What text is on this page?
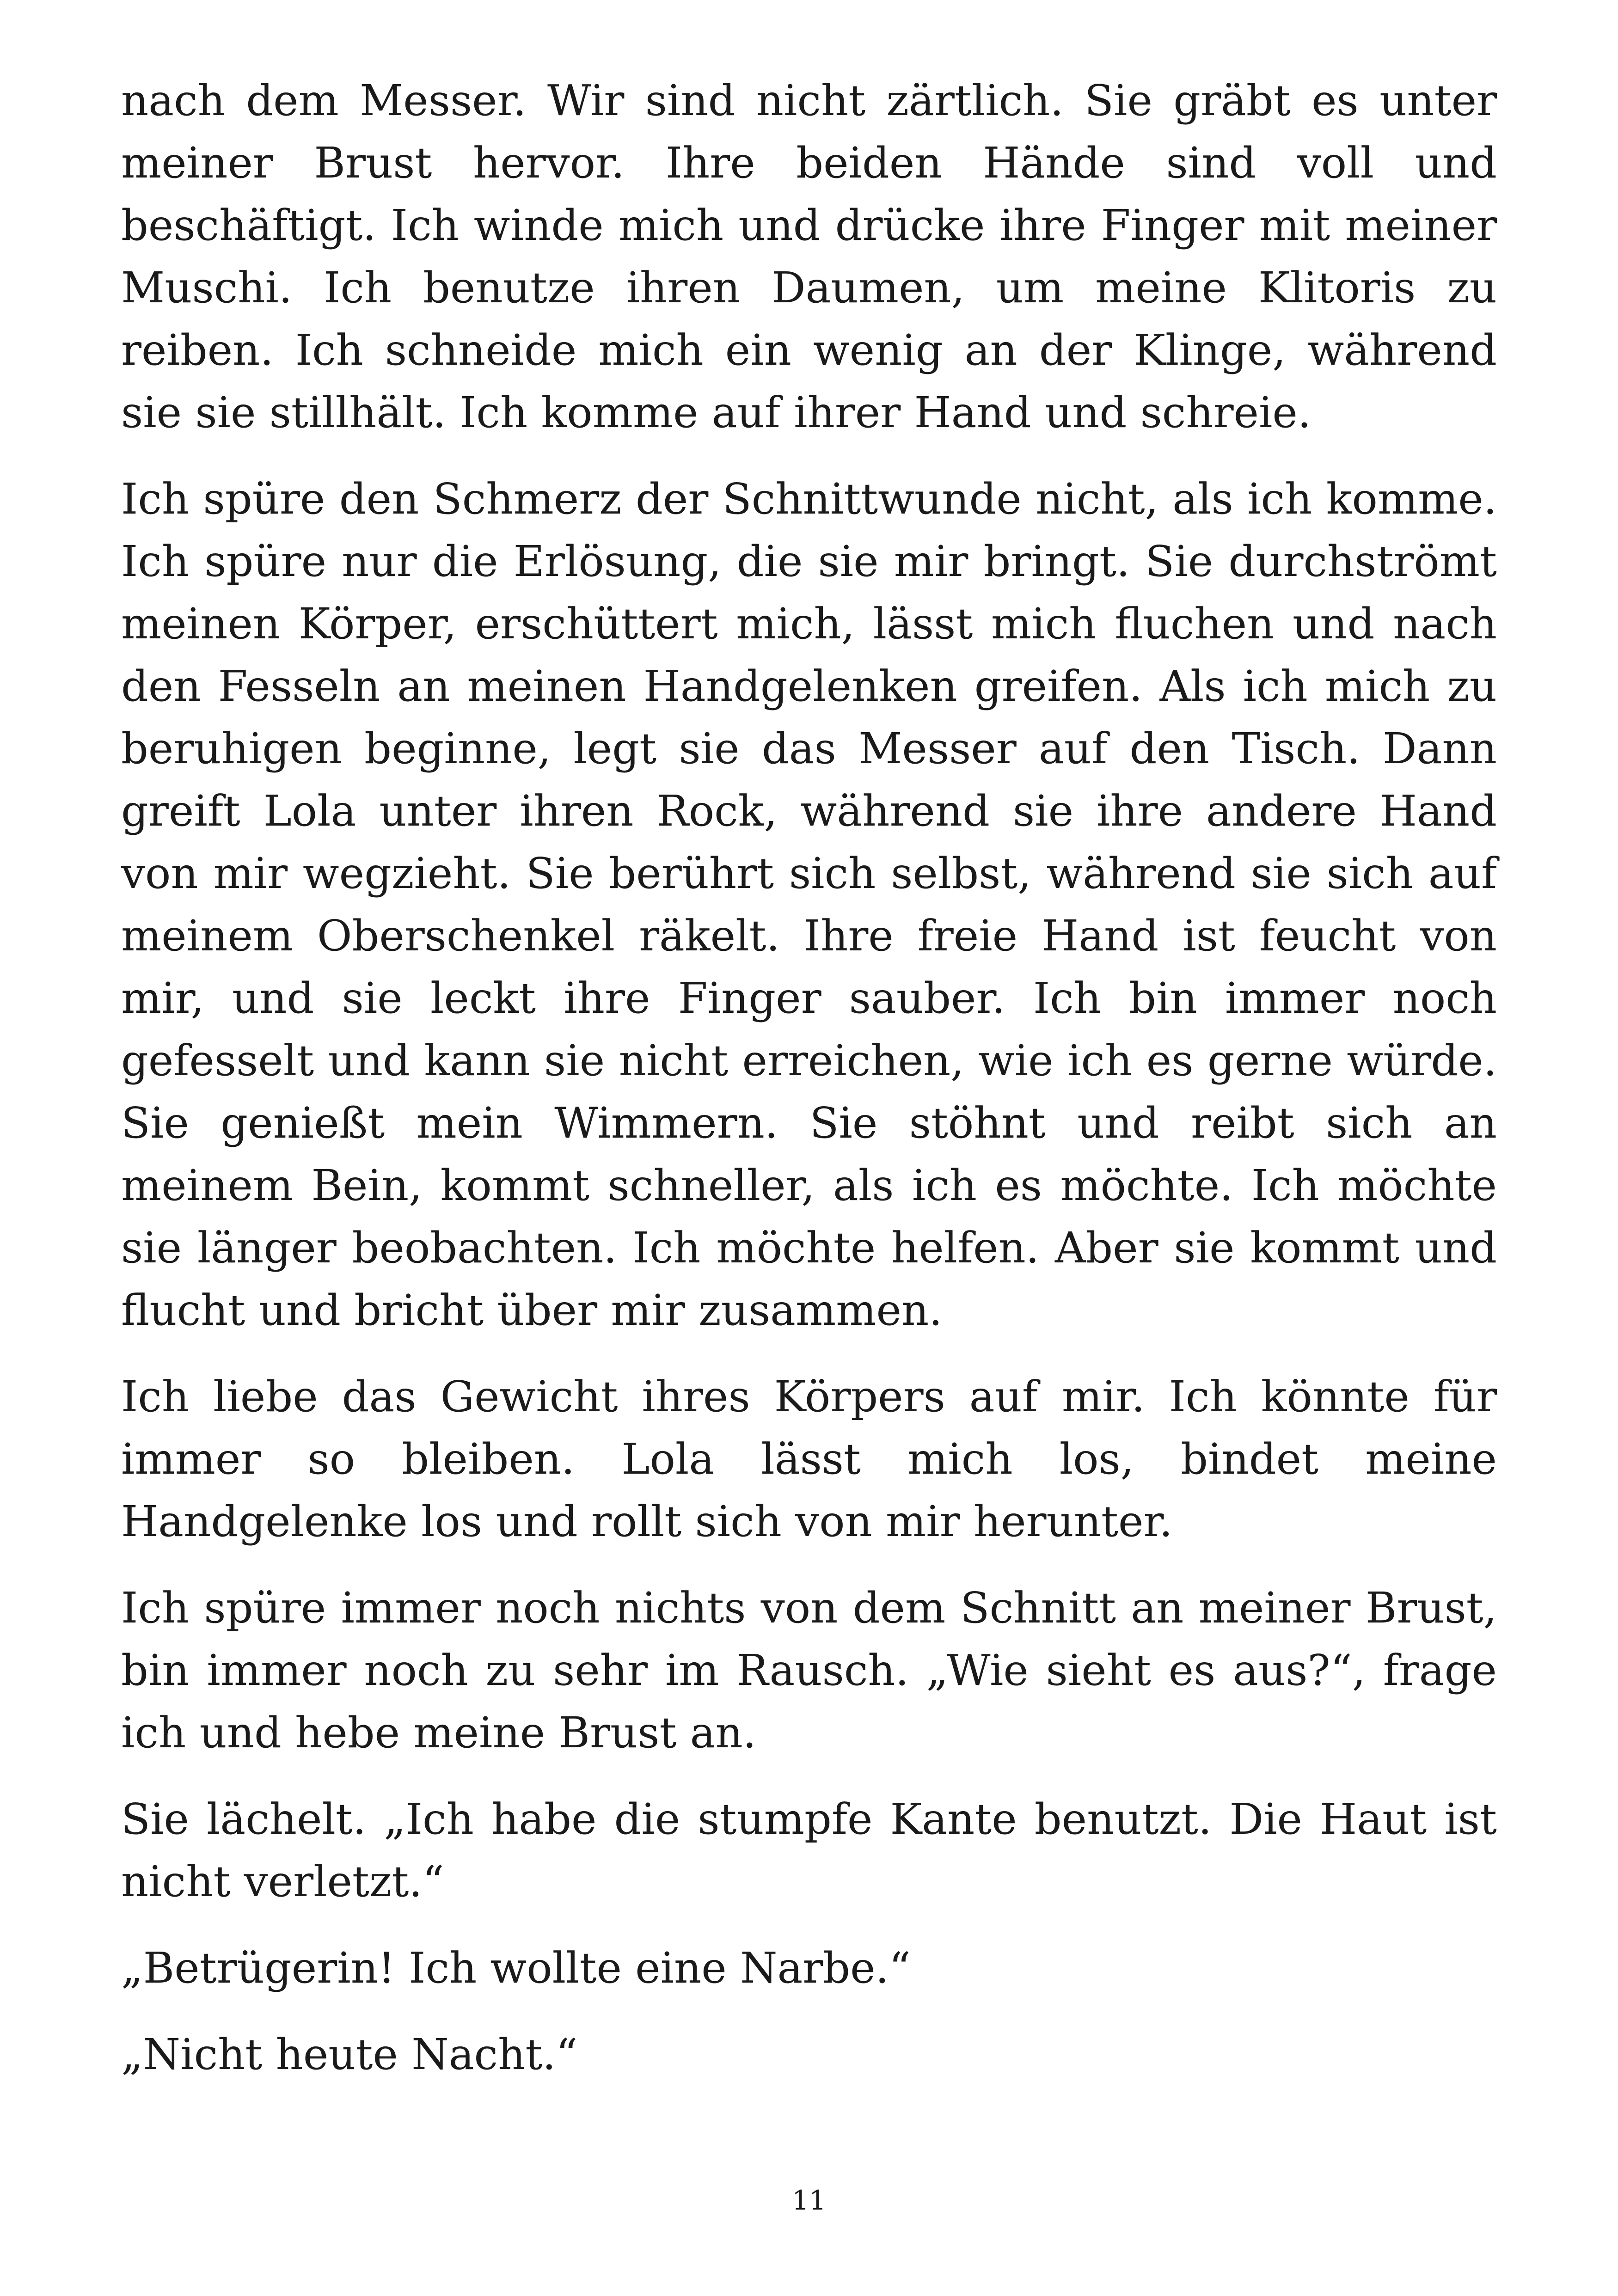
nach dem Messer. Wir sind nicht zärtlich. Sie gräbt es unter meiner Brust hervor. Ihre beiden Hände sind voll und beschäftigt. Ich winde mich und drücke ihre Finger mit meiner Muschi. Ich benutze ihren Daumen, um meine Klitoris zu reiben. Ich schneide mich ein wenig an der Klinge, während sie sie stillhält. Ich komme auf ihrer Hand und schreie.

Ich spüre den Schmerz der Schnittwunde nicht, als ich komme. Ich spüre nur die Erlösung, die sie mir bringt. Sie durchströmt meinen Körper, erschüttert mich, lässt mich fluchen und nach den Fesseln an meinen Handgelenken greifen. Als ich mich zu beruhigen beginne, legt sie das Messer auf den Tisch. Dann greift Lola unter ihren Rock, während sie ihre andere Hand von mir wegzieht. Sie berührt sich selbst, während sie sich auf meinem Oberschenkel räkelt. Ihre freie Hand ist feucht von mir, und sie leckt ihre Finger sauber. Ich bin immer noch gefesselt und kann sie nicht erreichen, wie ich es gerne würde. Sie genießt mein Wimmern. Sie stöhnt und reibt sich an meinem Bein, kommt schneller, als ich es möchte. Ich möchte sie länger beobachten. Ich möchte helfen. Aber sie kommt und flucht und bricht über mir zusammen.

Ich liebe das Gewicht ihres Körpers auf mir. Ich könnte für immer so bleiben. Lola lässt mich los, bindet meine Handgelenke los und rollt sich von mir herunter.

Ich spüre immer noch nichts von dem Schnitt an meiner Brust, bin immer noch zu sehr im Rausch. „Wie sieht es aus?“, frage ich und hebe meine Brust an.

Sie lächelt. „Ich habe die stumpfe Kante benutzt. Die Haut ist nicht verletzt.“

„Betrügerin! Ich wollte eine Narbe.“

„Nicht heute Nacht.“

11
